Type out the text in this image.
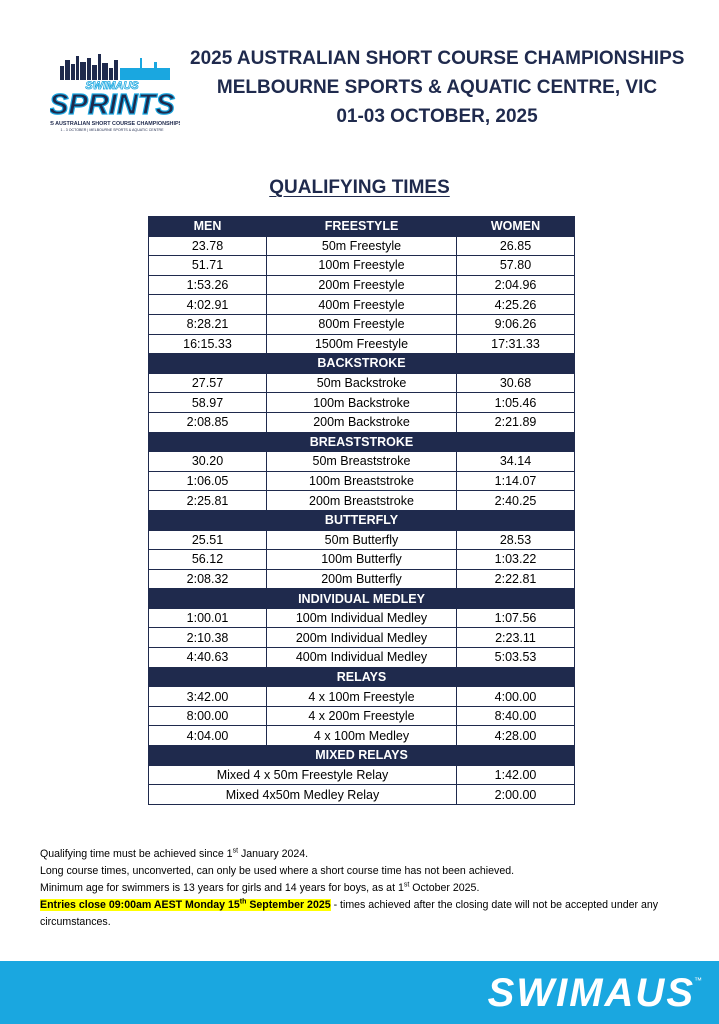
SWIMAUS
SPRINTS
2025 AUSTRALIAN SHORT COURSE CHAMPIONSHIPS
1 - 3 OCTOBER | MELBOURNE SPORTS & AQUATIC CENTRE
2025 AUSTRALIAN SHORT COURSE CHAMPIONSHIPS
MELBOURNE SPORTS & AQUATIC CENTRE, VIC
01-03 OCTOBER, 2025
QUALIFYING TIMES
MEN	FREESTYLE	WOMEN
23.78	50m Freestyle	26.85
51.71	100m Freestyle	57.80
1:53.26	200m Freestyle	2:04.96
4:02.91	400m Freestyle	4:25.26
8:28.21	800m Freestyle	9:06.26
16:15.33	1500m Freestyle	17:31.33
BACKSTROKE		
27.57	50m Backstroke	30.68
58.97	100m Backstroke	1:05.46
2:08.85	200m Backstroke	2:21.89
BREASTSTROKE		
30.20	50m Breaststroke	34.14
1:06.05	100m Breaststroke	1:14.07
2:25.81	200m Breaststroke	2:40.25
BUTTERFLY		
25.51	50m Butterfly	28.53
56.12	100m Butterfly	1:03.22
2:08.32	200m Butterfly	2:22.81
INDIVIDUAL MEDLEY		
1:00.01	100m Individual Medley	1:07.56
2:10.38	200m Individual Medley	2:23.11
4:40.63	400m Individual Medley	5:03.53
RELAYS		
3:42.00	4 x 100m Freestyle	4:00.00
8:00.00	4 x 200m Freestyle	8:40.00
4:04.00	4 x 100m Medley	4:28.00
MIXED RELAYS		
Mixed 4 x 50m Freestyle Relay		1:42.00
Mixed 4x50m Medley Relay		2:00.00

Qualifying time must be achieved since 1st January 2024.

Long course times, unconverted, can only be used where a short course time has not been achieved.

Minimum age for swimmers is 13 years for girls and 14 years for boys, as at 1st October 2025.

Entries close 09:00am AEST Monday 15th September 2025 - times achieved after the closing date will not be accepted under any circumstances.

SWIMAUS ™
